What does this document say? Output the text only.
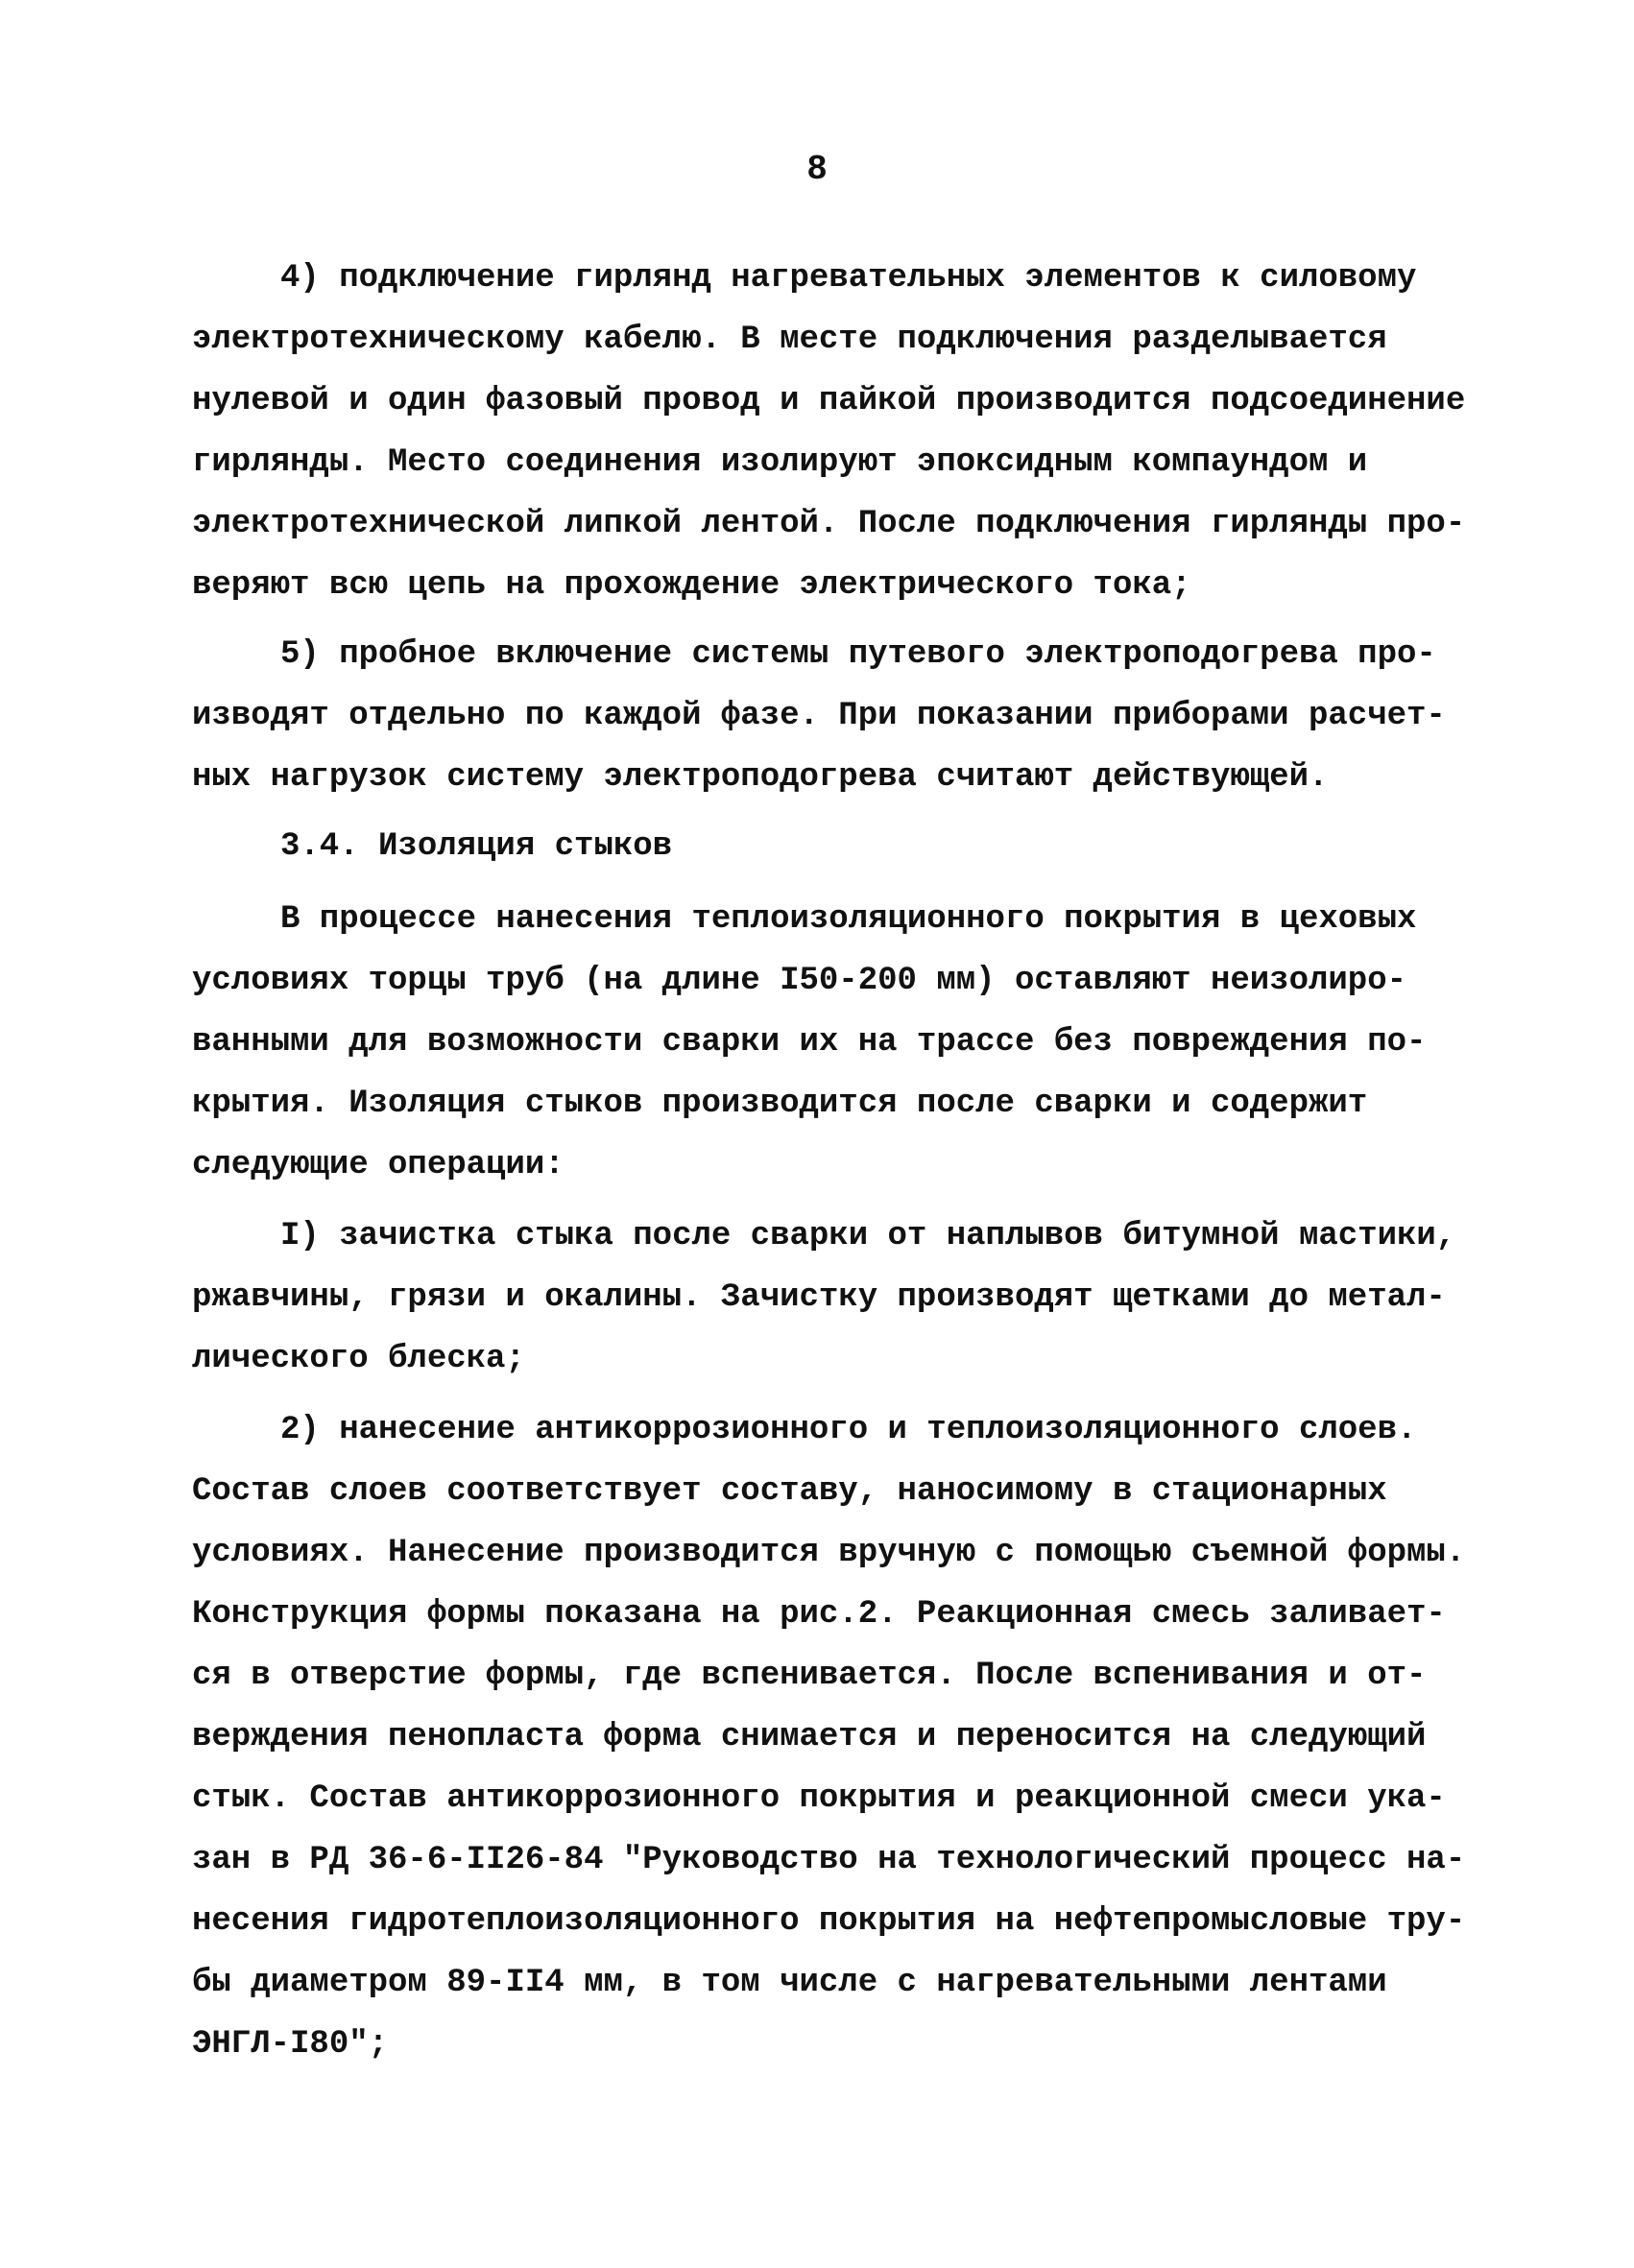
8
4) подключение гирлянд нагревательных элементов к силовому
электротехническому кабелю. В месте подключения разделывается
нулевой и один фазовый провод и пайкой производится подсоединение
гирлянды. Место соединения изолируют эпоксидным компаундом и
электротехнической липкой лентой. После подключения гирлянды про-
веряют всю цепь на прохождение электрического тока;
5) пробное включение системы путевого электроподогрева про-
изводят отдельно по каждой фазе. При показании приборами расчет-
ных нагрузок систему электроподогрева считают действующей.
3.4. Изоляция стыков
В процессе нанесения теплоизоляционного покрытия в цеховых
условиях торцы труб (на длине I50-200 мм) оставляют неизолиро-
ванными для возможности сварки их на трассе без повреждения по-
крытия. Изоляция стыков производится после сварки и содержит
следующие операции:
I) зачистка стыка после сварки от наплывов битумной мастики,
ржавчины, грязи и окалины. Зачистку производят щетками до метал-
лического блеска;
2) нанесение антикоррозионного и теплоизоляционного слоев.
Состав слоев соответствует составу, наносимому в стационарных
условиях. Нанесение производится вручную с помощью съемной формы.
Конструкция формы показана на рис.2. Реакционная смесь заливает-
ся в отверстие формы, где вспенивается. После вспенивания и от-
верждения пенопласта форма снимается и переносится на следующий
стык. Состав антикоррозионного покрытия и реакционной смеси ука-
зан в РД 36-6-II26-84 "Руководство на технологический процесс на-
несения гидротеплоизоляционного покрытия на нефтепромысловые тру-
бы диаметром 89-II4 мм, в том числе с нагревательными лентами
ЭНГЛ-I80";
